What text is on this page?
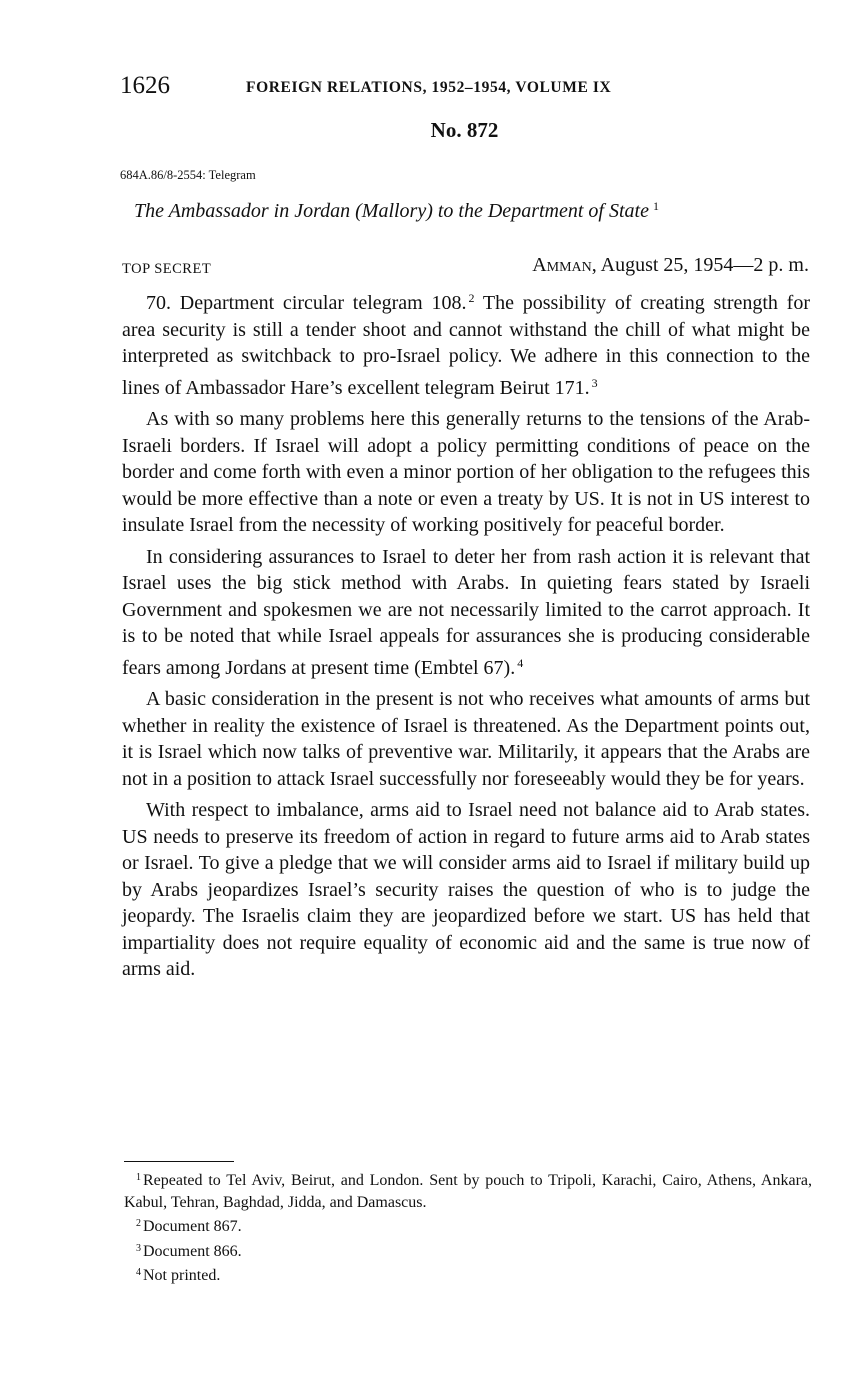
1626	FOREIGN RELATIONS, 1952–1954, VOLUME IX
No. 872
684A.86/8-2554: Telegram
The Ambassador in Jordan (Mallory) to the Department of State $^1$
TOP SECRET	Amman, August 25, 1954—2 p. m.

70. Department circular telegram 108. $^2$ The possibility of creating strength for area security is still a tender shoot and cannot withstand the chill of what might be interpreted as switchback to pro-Israel policy. We adhere in this connection to the lines of Ambassador Hare’s excellent telegram Beirut 171. $^3$

As with so many problems here this generally returns to the tensions of the Arab-Israeli borders. If Israel will adopt a policy permitting conditions of peace on the border and come forth with even a minor portion of her obligation to the refugees this would be more effective than a note or even a treaty by US. It is not in US interest to insulate Israel from the necessity of working positively for peaceful border.

In considering assurances to Israel to deter her from rash action it is relevant that Israel uses the big stick method with Arabs. In quieting fears stated by Israeli Government and spokesmen we are not necessarily limited to the carrot approach. It is to be noted that while Israel appeals for assurances she is producing considerable fears among Jordans at present time (Embtel 67). $^4$

A basic consideration in the present is not who receives what amounts of arms but whether in reality the existence of Israel is threatened. As the Department points out, it is Israel which now talks of preventive war. Militarily, it appears that the Arabs are not in a position to attack Israel successfully nor foreseeably would they be for years.

With respect to imbalance, arms aid to Israel need not balance aid to Arab states. US needs to preserve its freedom of action in regard to future arms aid to Arab states or Israel. To give a pledge that we will consider arms aid to Israel if military build up by Arabs jeopardizes Israel’s security raises the question of who is to judge the jeopardy. The Israelis claim they are jeopardized before we start. US has held that impartiality does not require equality of economic aid and the same is true now of arms aid.

$^1$ Repeated to Tel Aviv, Beirut, and London. Sent by pouch to Tripoli, Karachi, Cairo, Athens, Ankara, Kabul, Tehran, Baghdad, Jidda, and Damascus.

$^2$ Document 867.

$^3$ Document 866.

$^4$ Not printed.
